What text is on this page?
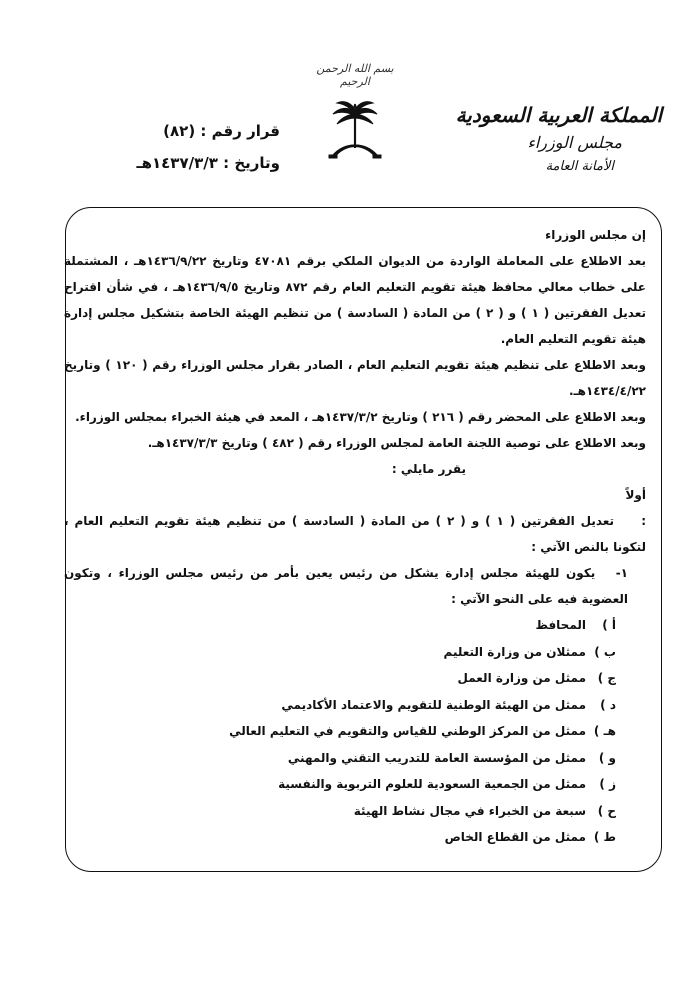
بسم الله الرحمن الرحيم
المملكة العربية السعودية
مجلس الوزراء
الأمانة العامة
قرار رقم : (٨٢)
وتاريخ : ١٤٣٧/٣/٣هـ

إن مجلس الوزراء

بعد الاطلاع على المعاملة الواردة من الديوان الملكي برقم ٤٧٠٨١ وتاريخ ١٤٣٦/٩/٢٢هـ ، المشتملة على خطاب معالي محافظ هيئة تقويم التعليم العام رقم ٨٧٢ وتاريخ ١٤٣٦/٩/٥هـ ، في شأن اقتراح تعديل الفقرتين ( ١ ) و ( ٢ ) من المادة ( السادسة ) من تنظيم الهيئة الخاصة بتشكيل مجلس إدارة هيئة تقويم التعليم العام.

وبعد الاطلاع على تنظيم هيئة تقويم التعليم العام ، الصادر بقرار مجلس الوزراء رقم ( ١٢٠ ) وتاريخ ١٤٣٤/٤/٢٢هـ.

وبعد الاطلاع على المحضر رقم ( ٢١٦ ) وتاريخ ١٤٣٧/٣/٢هـ ، المعد في هيئة الخبراء بمجلس الوزراء.

وبعد الاطلاع على توصية اللجنة العامة لمجلس الوزراء رقم ( ٤٨٢ ) وتاريخ ١٤٣٧/٣/٣هـ.

يقرر مايلي :

أولاً : تعديل الفقرتين ( ١ ) و ( ٢ ) من المادة ( السادسة ) من تنظيم هيئة تقويم التعليم العام ، لتكونا بالنص الآتي :

١- يكون للهيئة مجلس إدارة يشكل من رئيس يعين بأمر من رئيس مجلس الوزراء ، وتكون العضوية فيه على النحو الآتي :

أ )المحافظ
ب )ممثلان من وزارة التعليم
ج )ممثل من وزارة العمل
د )ممثل من الهيئة الوطنية للتقويم والاعتماد الأكاديمي
هـ )ممثل من المركز الوطني للقياس والتقويم في التعليم العالي
و )ممثل من المؤسسة العامة للتدريب التقني والمهني
ز )ممثل من الجمعية السعودية للعلوم التربوية والنفسية
ح )سبعة من الخبراء في مجال نشاط الهيئة
ط )ممثل من القطاع الخاص
